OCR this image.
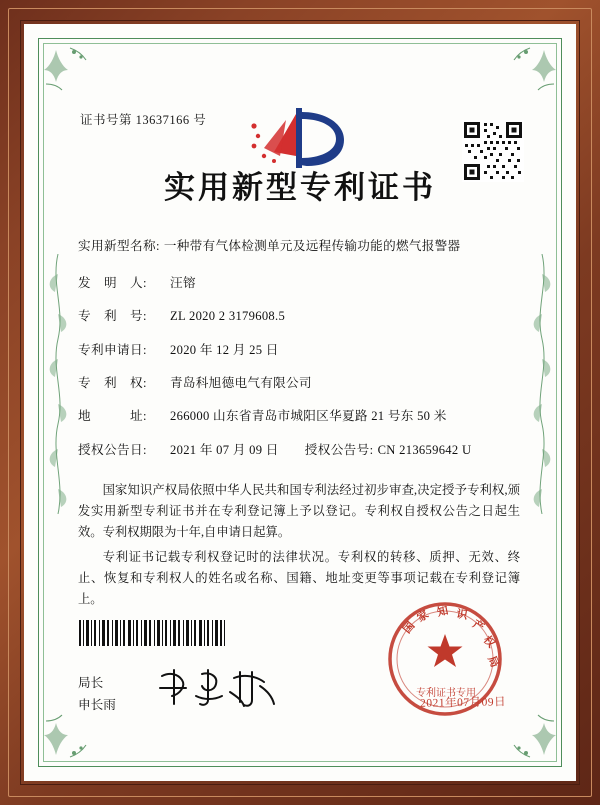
证书号第 13637166 号
实用新型专利证书
实用新型名称: 一种带有气体检测单元及远程传输功能的燃气报警器
发　明　人:	汪镕
专　利　号:	ZL 2020 2 3179608.5
专利申请日:	2020 年 12 月 25 日
专　利　权:	青岛科旭德电气有限公司
地　　　址:	266000 山东省青岛市城阳区华夏路 21 号东 50 米
授权公告日:	2021 年 07 月 09 日 授权公告号: CN 213659642 U

国家知识产权局依照中华人民共和国专利法经过初步审查,决定授予专利权,颁发实用新型专利证书并在专利登记簿上予以登记。专利权自授权公告之日起生效。专利权期限为十年,自申请日起算。

专利证书记载专利权登记时的法律状况。专利权的转移、质押、无效、终止、恢复和专利权人的姓名或名称、国籍、地址变更等事项记载在专利登记簿上。

局长
申长雨
国
家 知 识
产
权
局
专利证书专用
2021年07月09日
